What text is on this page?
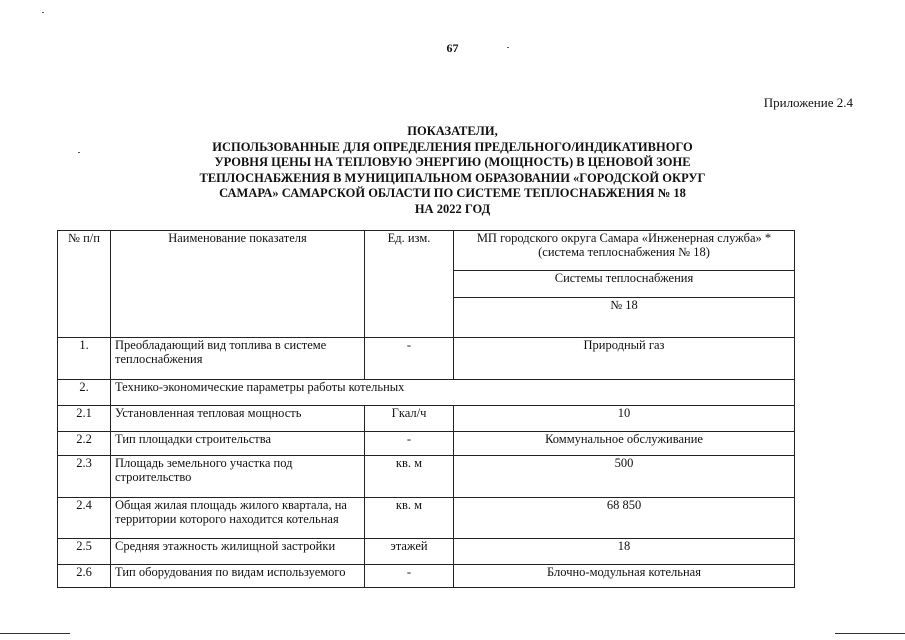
67
Приложение 2.4
ПОКАЗАТЕЛИ,
ИСПОЛЬЗОВАННЫЕ ДЛЯ ОПРЕДЕЛЕНИЯ ПРЕДЕЛЬНОГО/ИНДИКАТИВНОГО
УРОВНЯ ЦЕНЫ НА ТЕПЛОВУЮ ЭНЕРГИЮ (МОЩНОСТЬ) В ЦЕНОВОЙ ЗОНЕ
ТЕПЛОСНАБЖЕНИЯ В МУНИЦИПАЛЬНОМ ОБРАЗОВАНИИ «ГОРОДСКОЙ ОКРУГ
САМАРА» САМАРСКОЙ ОБЛАСТИ ПО СИСТЕМЕ ТЕПЛОСНАБЖЕНИЯ № 18
НА 2022 ГОД
№ п/п	Наименование показателя	Ед. изм.	МП городского округа Самара «Инженерная служба» * (система теплоснабжения № 18)
			Системы теплоснабжения
			№ 18
1.	Преобладающий вид топлива в системе теплоснабжения	-	Природный газ
2.	Технико-экономические параметры работы котельных		
2.1	Установленная тепловая мощность	Гкал/ч	10
2.2	Тип площадки строительства	-	Коммунальное обслуживание
2.3	Площадь земельного участка под строительство	кв. м	500
2.4	Общая жилая площадь жилого квартала, на территории которого находится котельная	кв. м	68 850
2.5	Средняя этажность жилищной застройки	этажей	18
2.6	Тип оборудования по видам используемого	-	Блочно-модульная котельная
